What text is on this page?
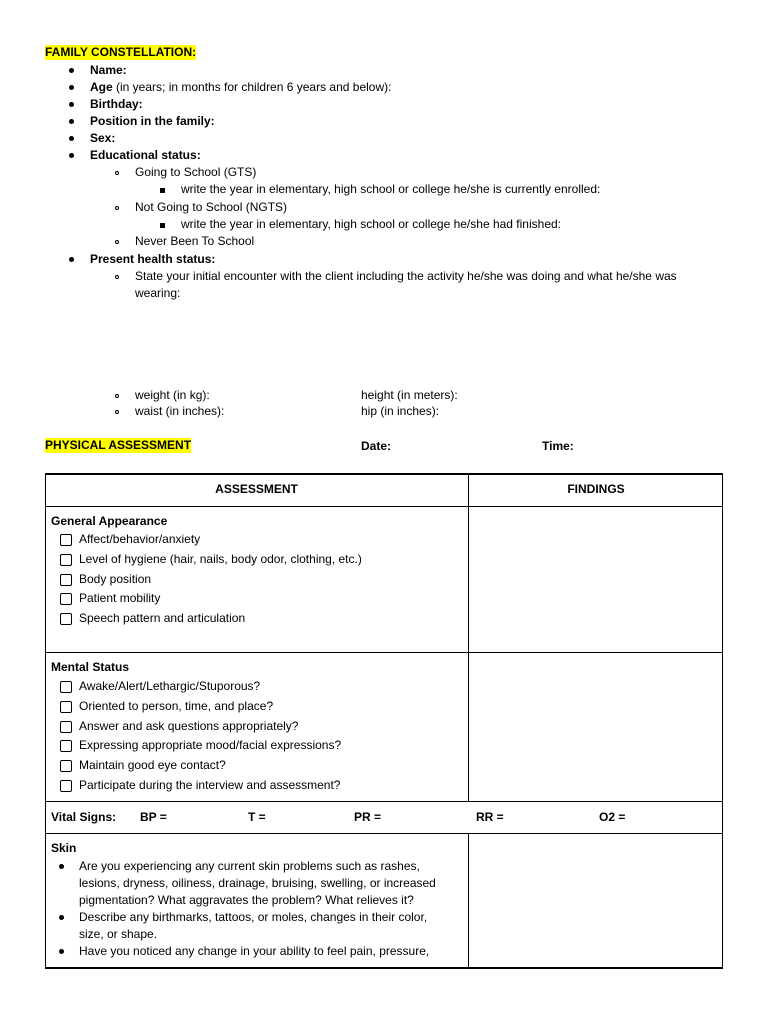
FAMILY CONSTELLATION:
Name:
Age (in years; in months for children 6 years and below):
Birthday:
Position in the family:
Sex:
Educational status:
Going to School (GTS)
write the year in elementary, high school or college he/she is currently enrolled:
Not Going to School (NGTS)
write the year in elementary, high school or college he/she had finished:
Never Been To School
Present health status:
State your initial encounter with the client including the activity he/she was doing and what he/she was
wearing:
weight (in kg):	height (in meters):
waist (in inches):	hip (in inches):
PHYSICAL ASSESSMENT	Date:	Time:
ASSESSMENT	FINDINGS
General Appearance
Affect/behavior/anxiety
Level of hygiene (hair, nails, body odor, clothing, etc.)
Body position
Patient mobility
Speech pattern and articulation
Mental Status
Awake/Alert/Lethargic/Stuporous?
Oriented to person, time, and place?
Answer and ask questions appropriately?
Expressing appropriate mood/facial expressions?
Maintain good eye contact?
Participate during the interview and assessment?
Vital Signs: BP =	T =	PR =	RR =	O2 =
Skin
Are you experiencing any current skin problems such as rashes,
lesions, dryness, oiliness, drainage, bruising, swelling, or increased
pigmentation? What aggravates the problem? What relieves it?
Describe any birthmarks, tattoos, or moles, changes in their color,
size, or shape.
Have you noticed any change in your ability to feel pain, pressure,
